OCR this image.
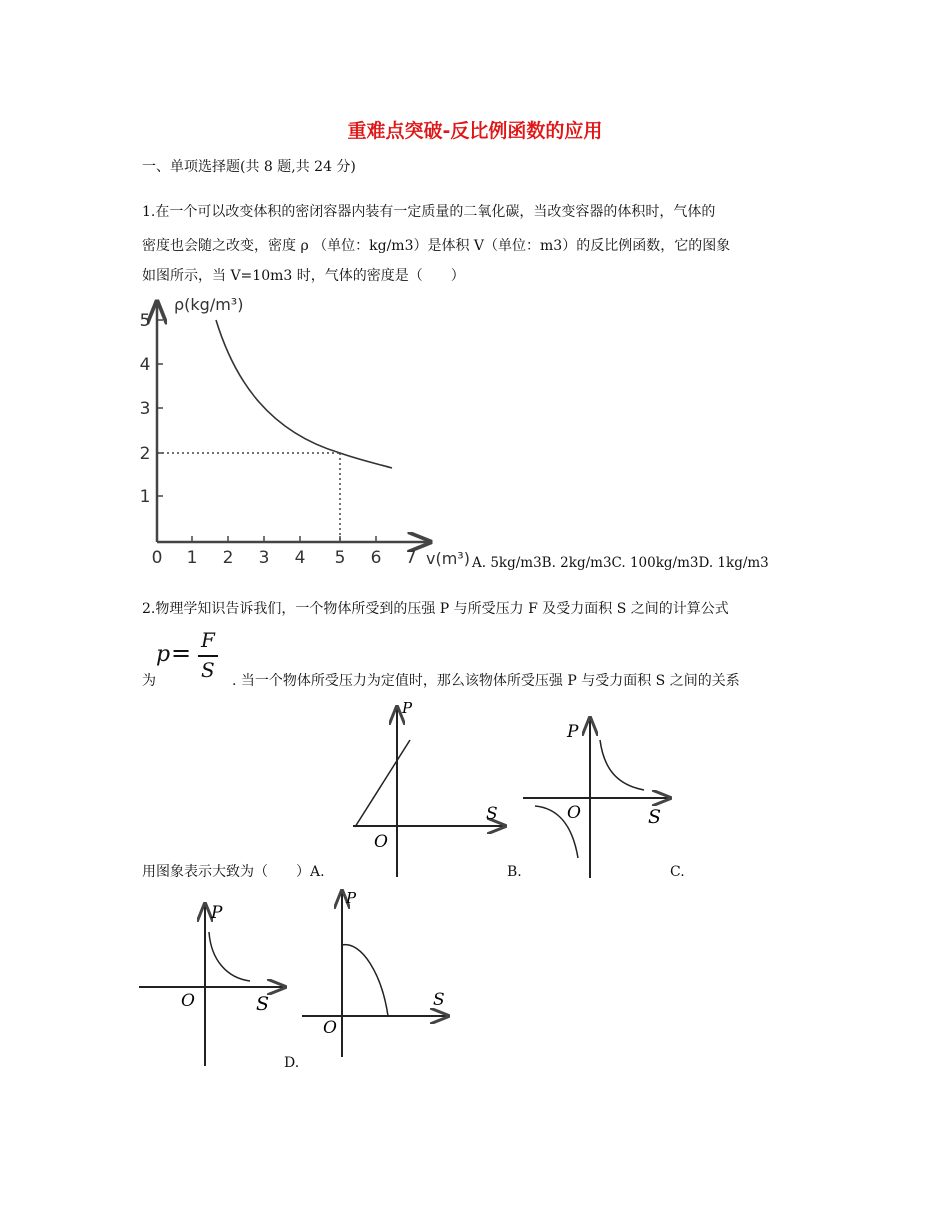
重难点突破-反比例函数的应用
一、单项选择题(共 8 题,共 24 分)
1.在一个可以改变体积的密闭容器内装有一定质量的二氧化碳，当改变容器的体积时，气体的
密度也会随之改变，密度 ρ （单位：kg/m3）是体积 V（单位：m3）的反比例函数，它的图象
如图所示，当 V=10m3 时，气体的密度是（　　）
0 1 2 3 4 5 6 7
1
2
3
4
5
ρ(kg/m³)
v(m³) A. 5kg/m3B. 2kg/m3C. 100kg/m3D. 1kg/m3
2.物理学知识告诉我们，一个物体所受到的压强 P 与所受压力 F 及受力面积 S 之间的计算公式
为
p = F
S . 当一个物体所受压力为定值时，那么该物体所受压强 P 与受力面积 S 之间的关系
用图象表示大致为（　　）A.	B.	C.
D.
P
S
O
P
S
O
P
S
O
P
S
O
